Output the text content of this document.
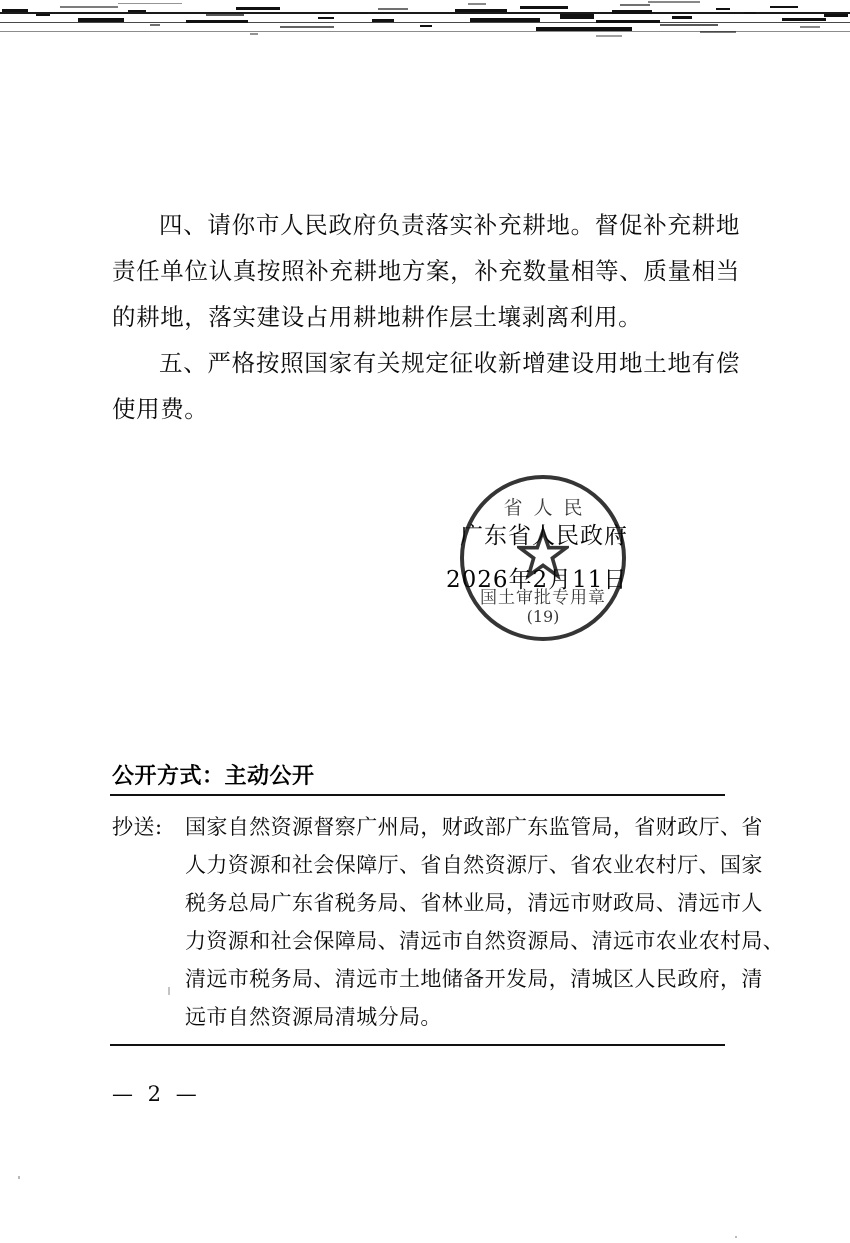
四、请你市人民政府负责落实补充耕地。督促补充耕地责任单位认真按照补充耕地方案，补充数量相等、质量相当的耕地，落实建设占用耕地耕作层土壤剥离利用。

五、严格按照国家有关规定征收新增建设用地土地有偿使用费。

省人民
国土审批专用章
(19)
广东省人民政府
2026年2月11日
公开方式：主动公开
抄送:	国家自然资源督察广州局，财政部广东监管局，省财政厅、省
人力资源和社会保障厅、省自然资源厅、省农业农村厅、国家
税务总局广东省税务局、省林业局，清远市财政局、清远市人
力资源和社会保障局、清远市自然资源局、清远市农业农村局、
清远市税务局、清远市土地储备开发局，清城区人民政府，清
远市自然资源局清城分局。
— 2 —
